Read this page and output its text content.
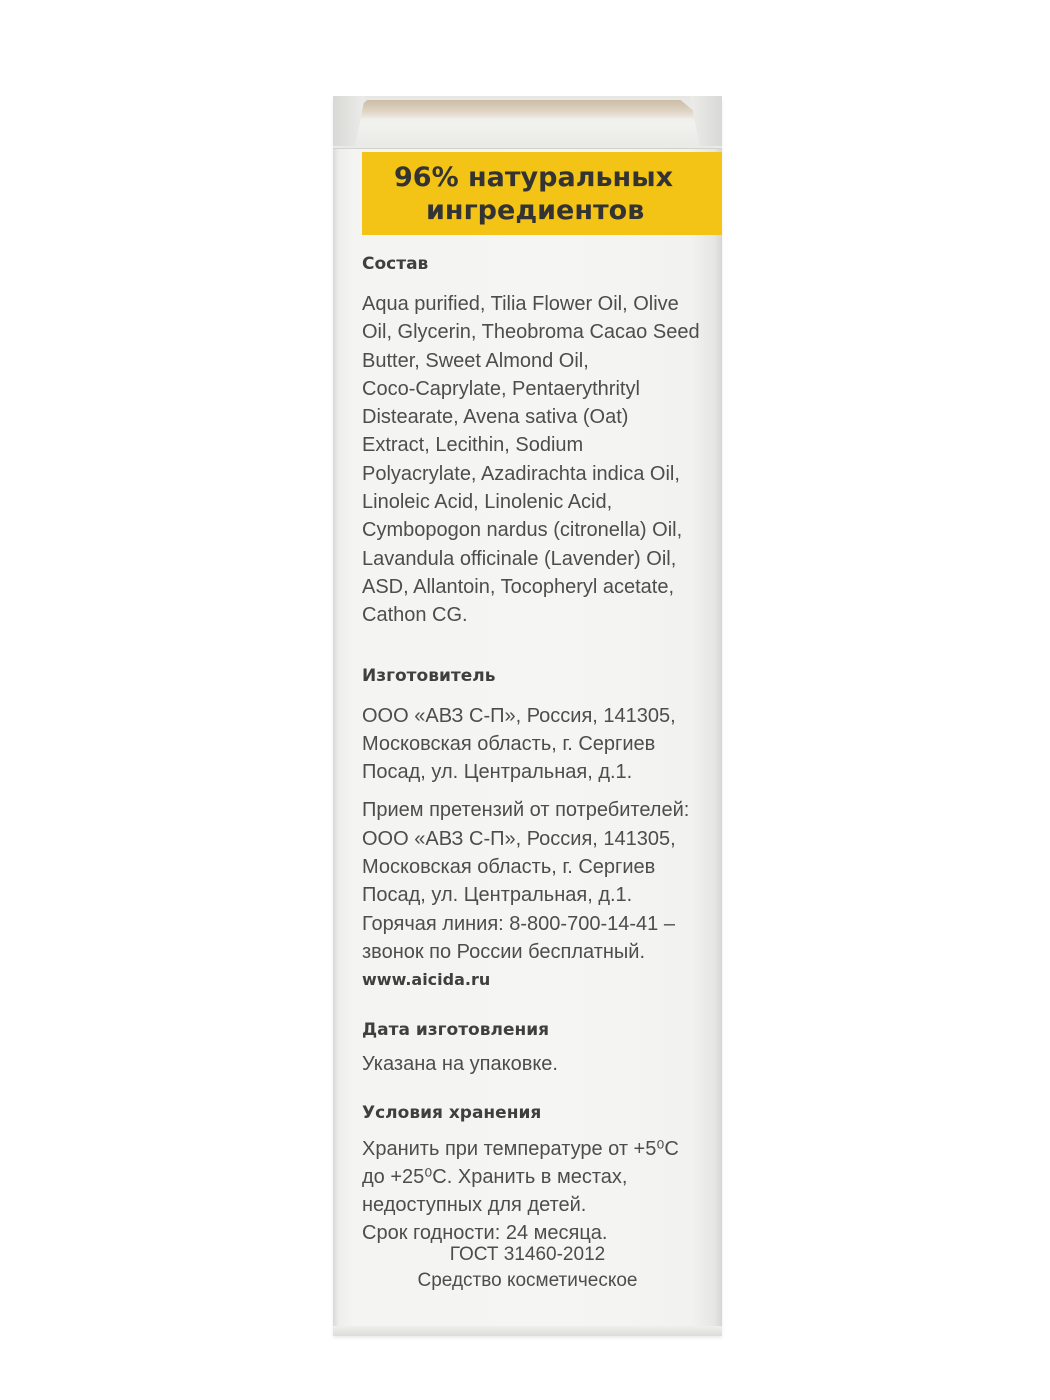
96% натуральных
ингредиентов

Состав

Aqua purified, Tilia Flower Oil, Olive

Oil, Glycerin, Theobroma Cacao Seed

Butter, Sweet Almond Oil,

Coco-Caprylate, Pentaerythrityl

Distearate, Avena sativa (Oat)

Extract, Lecithin, Sodium

Polyacrylate, Azadirachta indica Oil,

Linoleic Acid, Linolenic Acid,

Cymbopogon nardus (citronella) Oil,

Lavandula officinale (Lavender) Oil,

ASD, Allantoin, Tocopheryl acetate,

Cathon CG.

Изготовитель

ООО «АВЗ С-П», Россия, 141305,

Московская область, г. Сергиев

Посад, ул. Центральная, д.1.

Прием претензий от потребителей:

ООО «АВЗ С-П», Россия, 141305,

Московская область, г. Сергиев

Посад, ул. Центральная, д.1.

Горячая линия: 8-800-700-14-41 –

звонок по России бесплатный.

www.aicida.ru

Дата изготовления

Указана на упаковке.

Условия хранения

Хранить при температуре от +5⁰С

до +25⁰С. Хранить в местах,

недоступных для детей.

Срок годности: 24 месяца.

ГОСТ 31460-2012

Средство косметическое
